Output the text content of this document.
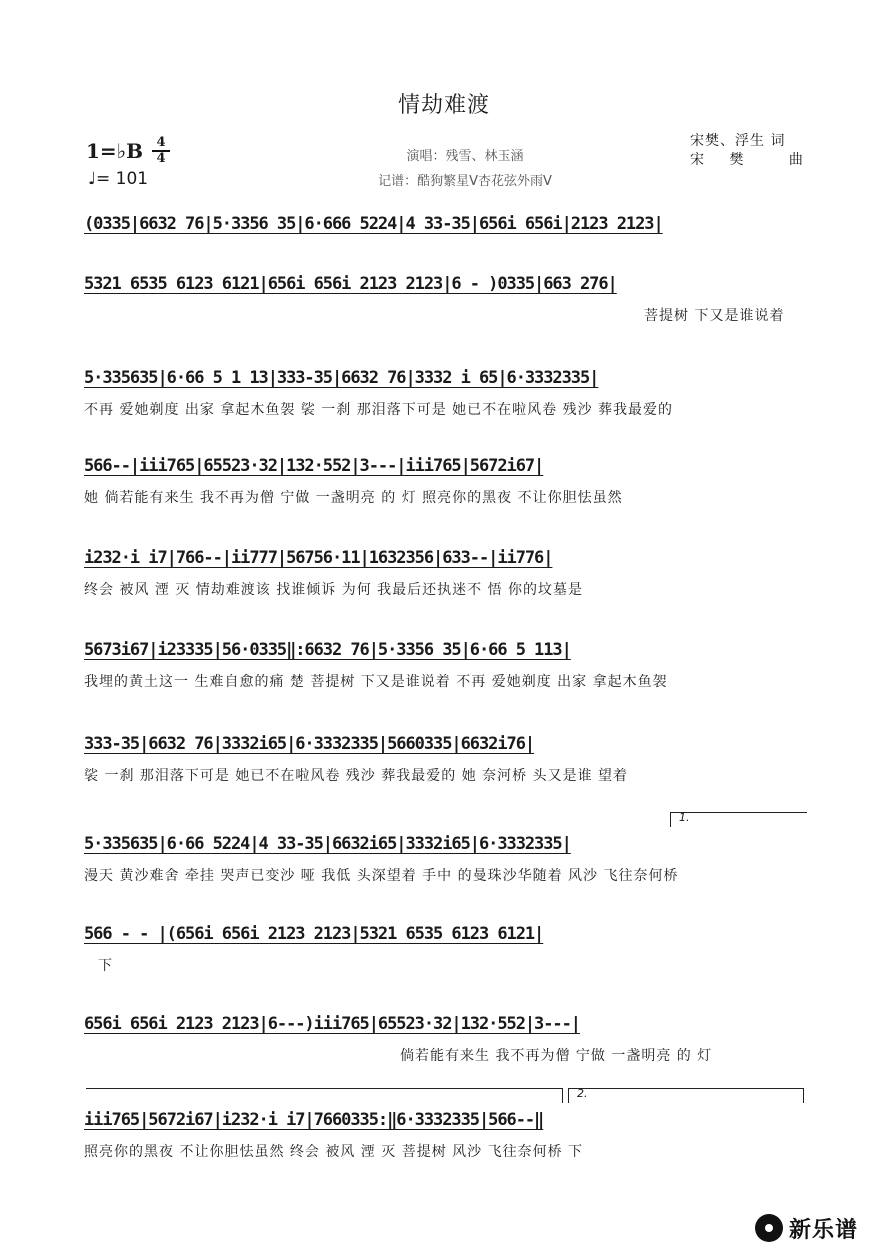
情劫难渡
1=♭B	4
4
♩= 101
演唱：残雪、林玉涵
记谱：酷狗繁星V杏花弦外雨V
宋樊、浮生 词
宋 樊	曲
(0335|6632 76|5·3356 35|6·666 5224|4 33-35|656i 656i|2123 2123|
5321 6535 6123 6121|656i 656i 2123 2123|6 - )0335|663 276|
菩提树 下又是谁说着
5·335635|6·66 5 1 13|333-35|6632 76|3332 i 65|6·3332335|
不再 爱她剃度 出家 拿起木鱼袈 裟 一刹 那泪落下可是 她已不在啦风卷 残沙 葬我最爱的
566--|iii765|65523·32|132·552|3---|iii765|5672i67|
她 倘若能有来生 我不再为僧 宁做 一盏明亮 的 灯 照亮你的黑夜 不让你胆怯虽然
i232·i i7|766--|ii777|56756·11|1632356|633--|ii776|
终会 被风 湮 灭 情劫难渡该 找谁倾诉 为何 我最后还执迷不 悟 你的坟墓是
5673i67|i23335|56·0335‖:6632 76|5·3356 35|6·66 5 113|
我埋的黄土这一 生难自愈的痛 楚 菩提树 下又是谁说着 不再 爱她剃度 出家 拿起木鱼袈
333-35|6632 76|3332i65|6·3332335|5660335|6632i76|
裟 一刹 那泪落下可是 她已不在啦风卷 残沙 葬我最爱的 她 奈河桥 头又是谁 望着
1.
5·335635|6·66 5224|4 33-35|6632i65|3332i65|6·3332335|
漫天 黄沙难舍 牵挂 哭声已变沙 哑 我低 头深望着 手中 的曼珠沙华随着 风沙 飞往奈何桥
566 - - |(656i 656i 2123 2123|5321 6535 6123 6121|
下
656i 656i 2123 2123|6---)iii765|65523·32|132·552|3---|
倘若能有来生 我不再为僧 宁做 一盏明亮 的 灯
2.
iii765|5672i67|i232·i i7|7660335:‖6·3332335|566--‖
照亮你的黑夜 不让你胆怯虽然 终会 被风 湮 灭 菩提树 风沙 飞往奈何桥 下
新乐谱
